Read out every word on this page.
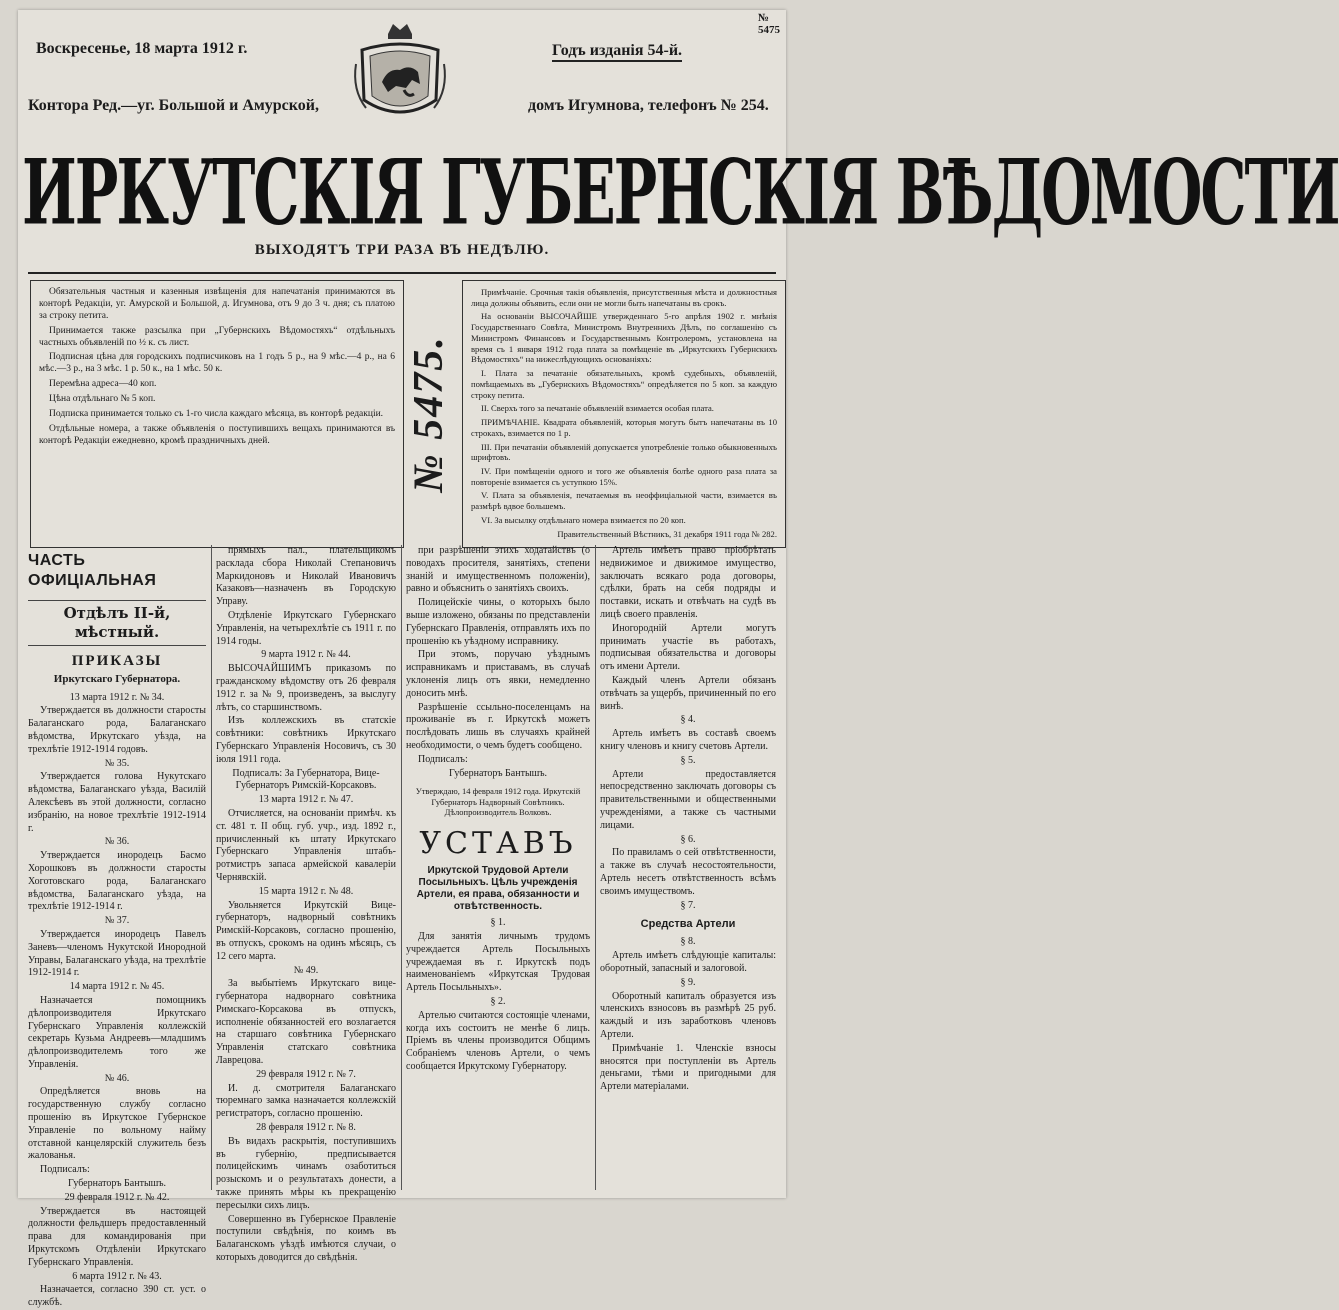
№ 5475
Воскресенье, 18 марта 1912 г.	Годъ изданія 54-й.
Контора Ред.—уг. Большой и Амурской,	домъ Игумнова, телефонъ № 254.
ИРКУТСКІЯ ГУБЕРНСКІЯ ВѢДОМОСТИ
ВЫХОДЯТЪ ТРИ РАЗА ВЪ НЕДѢЛЮ.

Обязательныя частныя и казенныя извѣщенія для напечатанія принимаются въ конторѣ Редакціи, уг. Амурской и Большой, д. Игумнова, отъ 9 до 3 ч. дня; съ платою за строку петита.

Принимается также разсылка при „Губернскихъ Вѣдомостяхъ“ отдѣльныхъ частныхъ объявленій по ½ к. съ лист.

Подписная цѣна для городскихъ подписчиковъ на 1 годъ 5 р., на 9 мѣс.—4 р., на 6 мѣс.—3 р., на 3 мѣс. 1 р. 50 к., на 1 мѣс. 50 к.

Перемѣна адреса—40 коп.

Цѣна отдѣльнаго № 5 коп.

Подписка принимается только съ 1-го числа каждаго мѣсяца, въ конторѣ редакціи.

Отдѣльные номера, а также объявленія о поступившихъ вещахъ принимаются въ конторѣ Редакціи ежедневно, кромѣ праздничныхъ дней.	№ 5475.

Примѣчаніе. Срочныя такія объявленія, присутственныя мѣста и должностныя лица должны объявить, если они не могли быть напечатаны въ срокъ.

На основаніи ВЫСОЧАЙШЕ утвержденнаго 5-го апрѣля 1902 г. мнѣнія Государственнаго Совѣта, Министромъ Внутреннихъ Дѣлъ, по соглашенію съ Министромъ Финансовъ и Государственнымъ Контролеромъ, установлена на время съ 1 января 1912 года плата за помѣщеніе въ „Иркутскихъ Губернскихъ Вѣдомостяхъ“ на нижеслѣдующихъ основаніяхъ:

I. Плата за печатаніе обязательныхъ, кромѣ судебныхъ, объявленій, помѣщаемыхъ въ „Губернскихъ Вѣдомостяхъ“ опредѣляется по 5 коп. за каждую строку петита.

II. Сверхъ того за печатаніе объявленій взимается особая плата.

ПРИМѢЧАНІЕ. Квадрата объявленій, которыя могутъ бытъ напечатаны въ 10 строкахъ, взимается по 1 р.

III. При печатаніи объявленій допускается употребленіе только обыкновенныхъ шрифтовъ.

IV. При помѣщеніи одного и того же объявленія болѣе одного раза плата за повтореніе взимается съ уступкою 15%.

V. Плата за объявленія, печатаемыя въ неоффиціальной части, взимается въ размѣрѣ вдвое большемъ.

VI. За высылку отдѣльнаго номера взимается по 20 коп.

Правительственный Вѣстникъ, 31 декабря 1911 года № 282.

ЧАСТЬ ОФИЦІАЛЬНАЯ
Отдѣлъ II-й, мѣстный.
ПРИКАЗЫ
Иркутскаго Губернатора.

13 марта 1912 г. № 34.

Утверждается въ должности старосты Балаганскаго рода, Балаганскаго вѣдомства, Иркутскаго уѣзда, на трехлѣтіе 1912-1914 годовъ.

№ 35.

Утверждается голова Нукутскаго вѣдомства, Балаганскаго уѣзда, Василій Алексѣевъ въ этой должности, согласно избранію, на новое трехлѣтіе 1912-1914 г.

№ 36.

Утверждается инородецъ Басмо Хорошковъ въ должности старосты Хоготовскаго рода, Балаганскаго вѣдомства, Балаганскаго уѣзда, на трехлѣтіе 1912-1914 г.

№ 37.

Утверждается инородецъ Павелъ Заневъ—членомъ Нукутской Инородной Управы, Балаганскаго уѣзда, на трехлѣтіе 1912-1914 г.

14 марта 1912 г. № 45.

Назначается помощникъ дѣлопроизводителя Иркутскаго Губернскаго Управленія коллежскій секретарь Кузьма Андреевъ—младшимъ дѣлопроизводителемъ того же Управленія.

№ 46.

Опредѣляется вновь на государственную службу согласно прошенію въ Иркутское Губернское Управленіе по вольному найму отставной канцелярскій служитель безъ жалованья.

Подписалъ:

Губернаторъ Бантышъ.

29 февраля 1912 г. № 42.

Утверждается въ настоящей должности фельдшеръ предоставленный права для командированія при Иркутскомъ Отдѣленіи Иркутскаго Губернскаго Управленія.

6 марта 1912 г. № 43.

Назначается, согласно 390 ст. уст. о службѣ.

прямыхъ пал., плательщикомъ расклада сбора Николай Степановичъ Маркидоновъ и Николай Ивановичъ Казаковъ—назначенъ въ Городскую Управу.

Отдѣленіе Иркутскаго Губернскаго Управленія, на четырехлѣтіе съ 1911 г. по 1914 годы.

9 марта 1912 г. № 44.

ВЫСОЧАЙШИМЪ приказомъ по гражданскому вѣдомству отъ 26 февраля 1912 г. за № 9, произведенъ, за выслугу лѣтъ, со старшинствомъ.

Изъ коллежскихъ въ статскіе совѣтники: совѣтникъ Иркутскаго Губернскаго Управленія Носовичъ, съ 30 іюля 1911 года.

Подписалъ: За Губернатора, Вице-Губернаторъ Римскій-Корсаковъ.

13 марта 1912 г. № 47.

Отчисляется, на основаніи примѣч. къ ст. 481 т. II общ. губ. учр., изд. 1892 г., причисленный къ штату Иркутскаго Губернскаго Управленія штабъ-ротмистръ запаса армейской кавалеріи Чернявскій.

15 марта 1912 г. № 48.

Увольняется Иркутскій Вице-губернаторъ, надворный совѣтникъ Римскій-Корсаковъ, согласно прошенію, въ отпускъ, срокомъ на одинъ мѣсяцъ, съ 12 сего марта.

№ 49.

За выбытіемъ Иркутскаго вице-губернатора надворнаго совѣтника Римскаго-Корсакова въ отпускъ, исполненіе обязанностей его возлагается на старшаго совѣтника Губернскаго Управленія статскаго совѣтника Лаврецова.

29 февраля 1912 г. № 7.

И. д. смотрителя Балаганскаго тюремнаго замка назначается коллежскій регистраторъ, согласно прошенію.

28 февраля 1912 г. № 8.

Въ видахъ раскрытія, поступившихъ въ губернію, предписывается полицейскимъ чинамъ озаботиться розыскомъ и о результатахъ донести, а также принять мѣры къ прекращенію пересылки сихъ лицъ.

Совершенно въ Губернское Правленіе поступили свѣдѣнія, по коимъ въ Балаганскомъ уѣздѣ имѣются случаи, о которыхъ доводится до свѣдѣнія.

при разрѣшеніи этихъ ходатайствъ (о поводахъ просителя, занятіяхъ, степени знаній и имущественномъ положеніи), равно и объяснить о занятіяхъ своихъ.

Полицейскіе чины, о которыхъ было выше изложено, обязаны по представленіи Губернскаго Правленія, отправлять ихъ по прошенію къ уѣздному исправнику.

При этомъ, поручаю уѣзднымъ исправникамъ и приставамъ, въ случаѣ уклоненія лицъ отъ явки, немедленно доносить мнѣ.

Разрѣшеніе ссыльно-поселенцамъ на проживаніе въ г. Иркутскѣ можетъ послѣдовать лишь въ случаяхъ крайней необходимости, о чемъ будетъ сообщено.

Подписалъ:

Губернаторъ Бантышъ.

Утверждаю, 14 февраля 1912 года. Иркутскій Губернаторъ Надворный Совѣтникъ. Дѣлопроизводитель Волковъ.
УСТАВЪ
Иркутской Трудовой Артели Посыльныхъ. Цѣль учрежденія Артели, ея права, обязанности и отвѣтственность.

§ 1.

Для занятія личнымъ трудомъ учреждается Артель Посыльныхъ учреждаемая въ г. Иркутскѣ подъ наименованіемъ «Иркутская Трудовая Артель Посыльныхъ».

§ 2.

Артелью считаются состоящіе членами, когда ихъ состоитъ не менѣе 6 лицъ. Пріемъ въ члены производится Общимъ Собраніемъ членовъ Артели, о чемъ сообщается Иркутскому Губернатору.

Артель имѣетъ право пріобрѣтать недвижимое и движимое имущество, заключать всякаго рода договоры, сдѣлки, брать на себя подряды и поставки, искать и отвѣчать на судѣ въ лицѣ своего правленія.

Иногородній Артели могутъ принимать участіе въ работахъ, подписывая обязательства и договоры отъ имени Артели.

Каждый членъ Артели обязанъ отвѣчать за ущербъ, причиненный по его винѣ.

§ 4.

Артель имѣетъ въ составѣ своемъ книгу членовъ и книгу счетовъ Артели.

§ 5.

Артели предоставляется непосредственно заключать договоры съ правительственными и общественными учрежденіями, а также съ частными лицами.

§ 6.

По правиламъ о сей отвѣтственности, а также въ случаѣ несостоятельности, Артель несетъ отвѣтственность всѣмъ своимъ имуществомъ.

§ 7.

Средства Артели

§ 8.

Артель имѣетъ слѣдующіе капиталы: оборотный, запасный и залоговой.

§ 9.

Оборотный капиталъ образуется изъ членскихъ взносовъ въ размѣрѣ 25 руб. каждый и изъ заработковъ членовъ Артели.

Примѣчаніе 1. Членскіе взносы вносятся при поступленіи въ Артель деньгами, тѣми и пригодными для Артели матеріалами.
